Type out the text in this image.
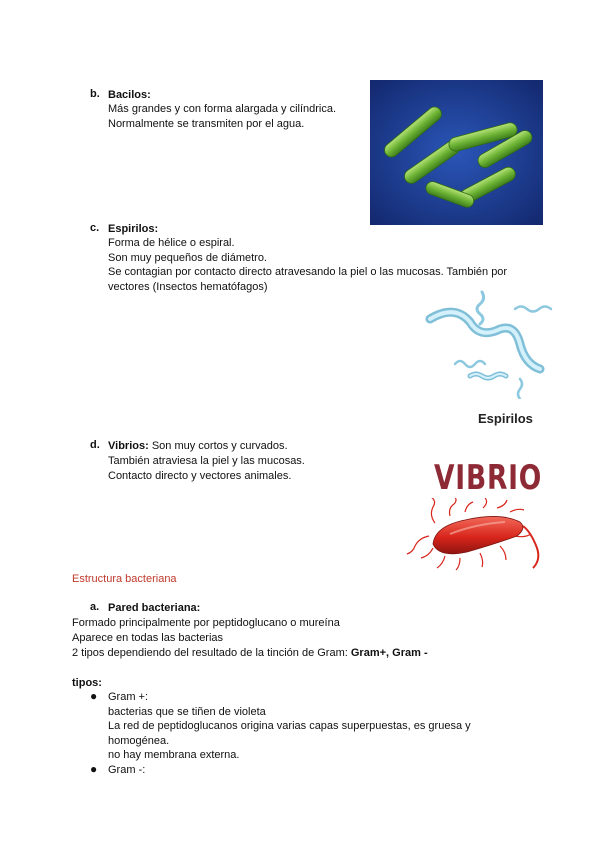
b. Bacilos:
Más grandes y con forma alargada y cilíndrica.
Normalmente se transmiten por el agua.
c. Espirilos:
Forma de hélice o espiral.
Son muy pequeños de diámetro.
Se contagian por contacto directo atravesando la piel o las mucosas. También por
vectores (Insectos hematófagos)
Espirilos
d. Vibrios: Son muy cortos y curvados.
También atraviesa la piel y las mucosas.
Contacto directo y vectores animales.	VIBRIO
Estructura bacteriana
a. Pared bacteriana:
Formado principalmente por peptidoglucano o mureína
Aparece en todas las bacterias
2 tipos dependiendo del resultado de la tinción de Gram: Gram+, Gram -
tipos:
● Gram +:
bacterias que se tiñen de violeta
La red de peptidoglucanos origina varias capas superpuestas, es gruesa y
homogénea.
no hay membrana externa.
● Gram -:
